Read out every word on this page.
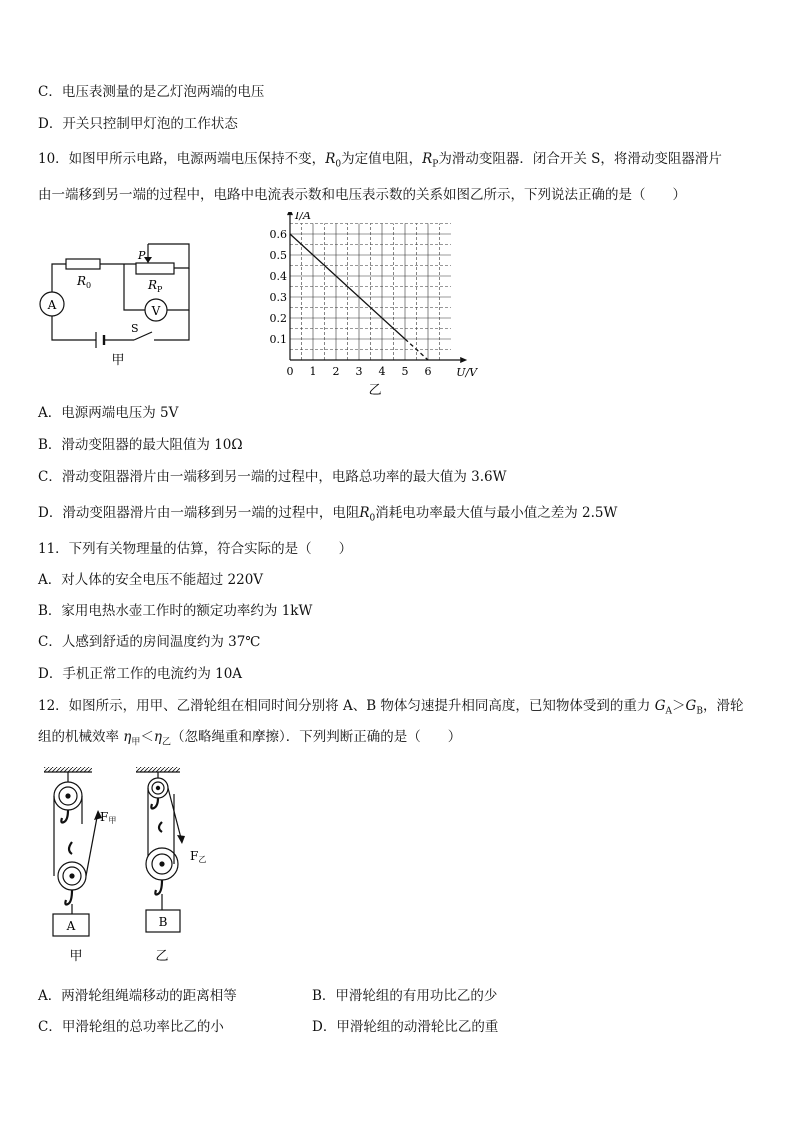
C．电压表测量的是乙灯泡两端的电压
D．开关只控制甲灯泡的工作状态
10．如图甲所示电路，电源两端电压保持不变，$R_0$为定值电阻，$R_P$为滑动变阻器．闭合开关 S，将滑动变阻器滑片
由一端移到另一端的过程中，电路中电流表示数和电压表示数的关系如图乙所示，下列说法正确的是（　　）
A	V
R 0	R P
P
S
甲
0 1 2 3 4 5 6
0.1
0.2
0.3
0.4
0.5
0.6
I/A
U/V
乙
A．电源两端电压为 5V
B．滑动变阻器的最大阻值为 10Ω
C．滑动变阻器滑片由一端移到另一端的过程中，电路总功率的最大值为 3.6W
D．滑动变阻器滑片由一端移到另一端的过程中，电阻$R_0$消耗电功率最大值与最小值之差为 2.5W
11．下列有关物理量的估算，符合实际的是（　　）
A．对人体的安全电压不能超过 220V
B．家用电热水壶工作时的额定功率约为 1kW
C．人感到舒适的房间温度约为 37℃
D．手机正常工作的电流约为 10A
12．如图所示，用甲、乙滑轮组在相同时间分别将 A、B 物体匀速提升相同高度，已知物体受到的重力 $G_A>G_B$，滑轮
组的机械效率 $\eta_甲<\eta_乙$（忽略绳重和摩擦）．下列判断正确的是（　　）
F甲
A
甲
F乙
B
乙
A．两滑轮组绳端移动的距离相等	B．甲滑轮组的有用功比乙的少
C．甲滑轮组的总功率比乙的小	D．甲滑轮组的动滑轮比乙的重
